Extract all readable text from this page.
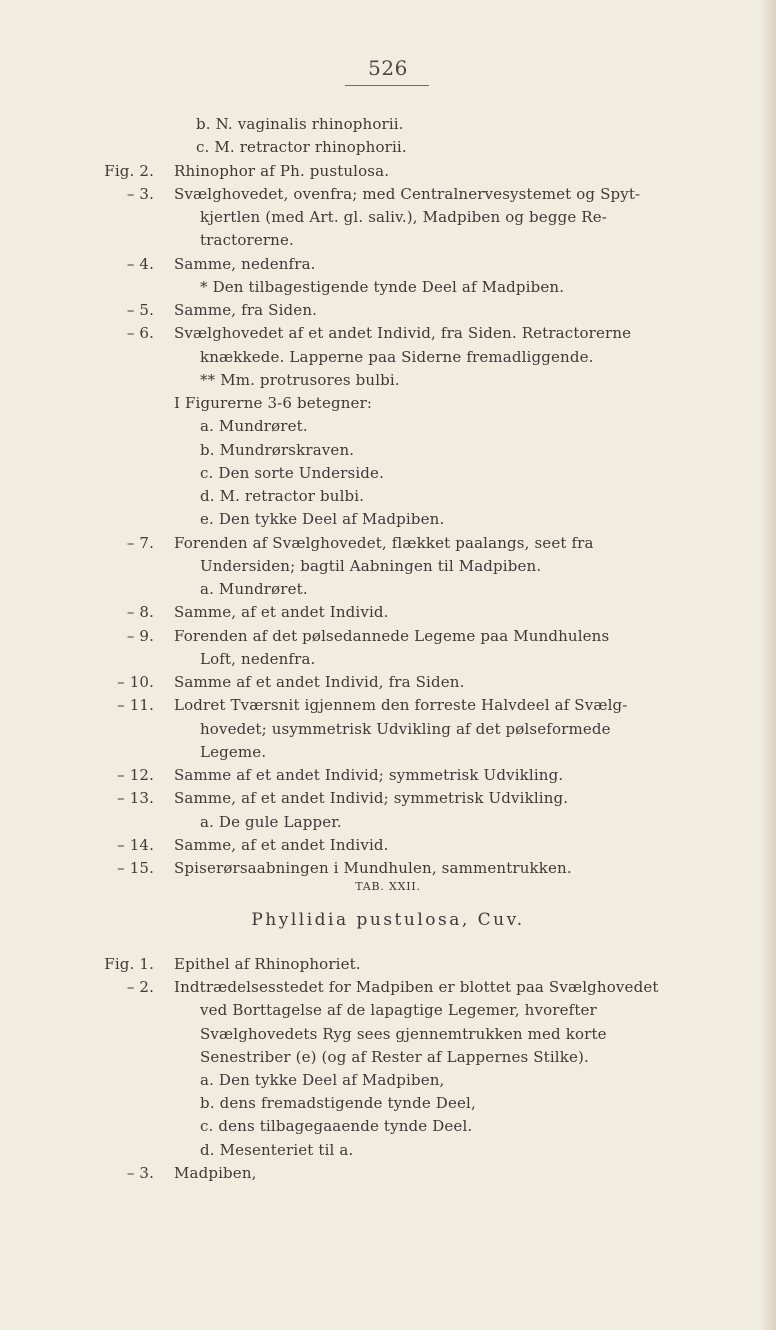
526
b. N. vaginalis rhinophorii.
c. M. retractor rhinophorii.
Fig. 2. Rhinophor af Ph. pustulosa.
– 3. Svælghovedet, ovenfra; med Centralnervesystemet og Spyt-
kjertlen (med Art. gl. saliv.), Madpiben og begge Re-
tractorerne.
– 4. Samme, nedenfra.
* Den tilbagestigende tynde Deel af Madpiben.
– 5. Samme, fra Siden.
– 6. Svælghovedet af et andet Individ, fra Siden. Retractorerne
knækkede. Lapperne paa Siderne fremadliggende.
** Mm. protrusores bulbi.
I Figurerne 3-6 betegner:
a. Mundrøret.
b. Mundrørskraven.
c. Den sorte Underside.
d. M. retractor bulbi.
e. Den tykke Deel af Madpiben.
– 7. Forenden af Svælghovedet, flækket paalangs, seet fra
Undersiden; bagtil Aabningen til Madpiben.
a. Mundrøret.
– 8. Samme, af et andet Individ.
– 9. Forenden af det pølsedannede Legeme paa Mundhulens
Loft, nedenfra.
– 10. Samme af et andet Individ, fra Siden.
– 11. Lodret Tværsnit igjennem den forreste Halvdeel af Svælg-
hovedet; usymmetrisk Udvikling af det pølseformede
Legeme.
– 12. Samme af et andet Individ; symmetrisk Udvikling.
– 13. Samme, af et andet Individ; symmetrisk Udvikling.
a. De gule Lapper.
– 14. Samme, af et andet Individ.
– 15. Spiserørsaabningen i Mundhulen, sammentrukken.
TAB. XXII.
Phyllidia pustulosa, Cuv.
Fig. 1. Epithel af Rhinophoriet.
– 2. Indtrædelsesstedet for Madpiben er blottet paa Svælghovedet
ved Borttagelse af de lapagtige Legemer, hvorefter
Svælghovedets Ryg sees gjennemtrukken med korte
Senestriber (e) (og af Rester af Lappernes Stilke).
a. Den tykke Deel af Madpiben,
b. dens fremadstigende tynde Deel,
c. dens tilbagegaaende tynde Deel.
d. Mesenteriet til a.
– 3. Madpiben,
